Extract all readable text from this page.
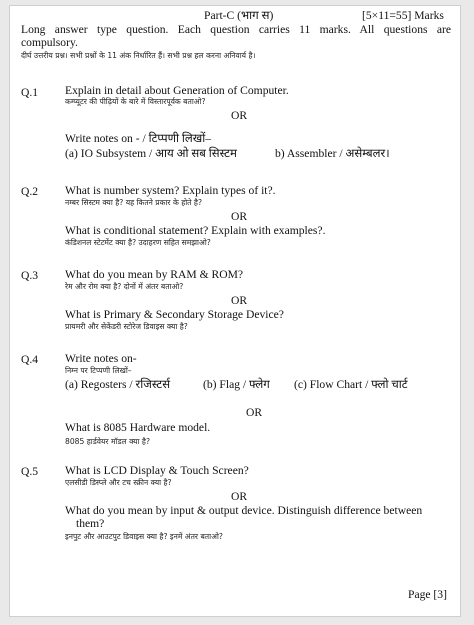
Part-C (भाग स)	[5×11=55] Marks
Long answer type question. Each question carries 11 marks. All questions are
compulsory.
दीर्घ उत्तरीय प्रश्न। सभी प्रश्नों के 11 अंक निर्धारित हैं। सभी प्रश्न हल करना अनिवार्य है।
Q.1 Explain in detail about Generation of Computer.
कम्प्यूटर की पीढ़ियों के बारे में विस्तारपूर्वक बताओ?
OR
Write notes on - / टिप्पणी लिखों–
(a) IO Subsystem / आय ओ सब सिस्टम	b) Assembler / असेम्बलर।
Q.2 What is number system? Explain types of it?.
नम्बर सिस्टम क्या है? यह कितने प्रकार के होते है?
OR
What is conditional statement? Explain with examples?.
कंडिशनल स्टेटमेंट क्या है? उदाहरण सहित समझाओ?
Q.3 What do you mean by RAM & ROM?
रेम और रोम क्या है? दोनों में अंतर बताओ?
OR
What is Primary & Secondary Storage Device?
प्रायमरी और सेकेंडरी स्टोरेज डिवाइस क्या है?
Q.4 Write notes on-
निम्न पर टिप्पणी लिखों–
(a) Regosters / रजिस्टर्स	(b) Flag / फ्लेग (c) Flow Chart / फ्लो चार्ट
OR
What is 8085 Hardware model.
8085 हार्डवेयर मॉडल क्या है?
Q.5 What is LCD Display & Touch Screen?
एलसीडी डिस्प्ले और टच स्क्रीन क्या है?
OR
What do you mean by input & output device. Distinguish difference between
them?
इनपुट और आउटपुट डिवाइस क्या है? इनमें अंतर बताओ?
Page [3]
